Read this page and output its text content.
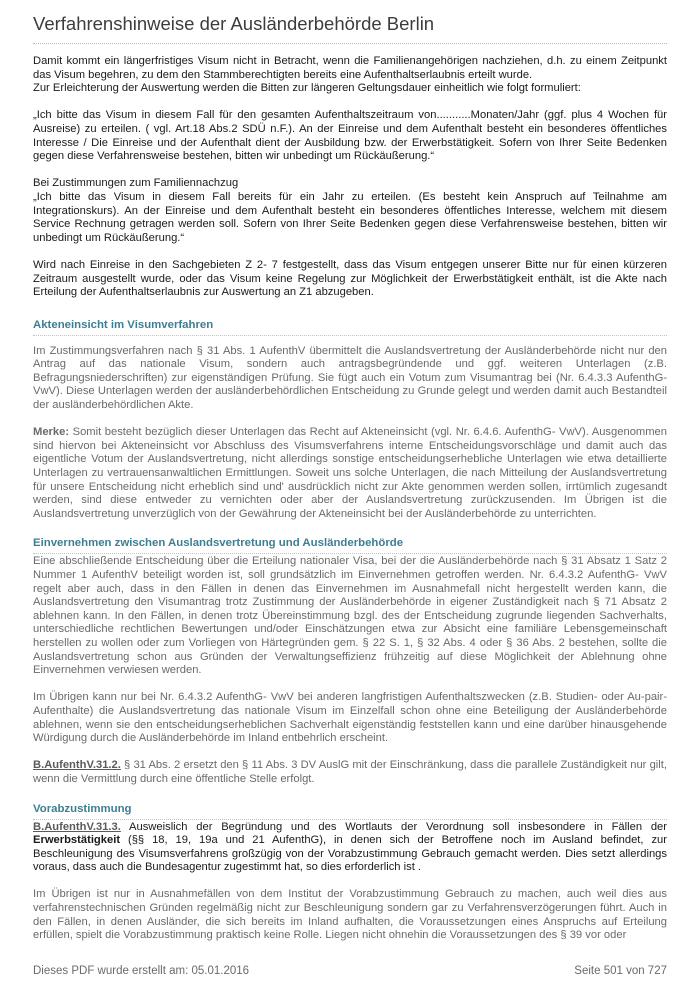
Verfahrenshinweise der Ausländerbehörde Berlin

Damit kommt ein längerfristiges Visum nicht in Betracht, wenn die Familienangehörigen nachziehen, d.h. zu einem Zeitpunkt das Visum begehren, zu dem den Stammberechtigten bereits eine Aufenthaltserlaubnis erteilt wurde.

Zur Erleichterung der Auswertung werden die Bitten zur längeren Geltungsdauer einheitlich wie folgt formuliert:

„Ich bitte das Visum in diesem Fall für den gesamten Aufenthaltszeitraum von...........Monaten/Jahr (ggf. plus 4 Wochen für Ausreise) zu erteilen. ( vgl. Art.18 Abs.2 SDÜ n.F.). An der Einreise und dem Aufenthalt besteht ein besonderes öffentliches Interesse / Die Einreise und der Aufenthalt dient der Ausbildung bzw. der Erwerbstätigkeit. Sofern von Ihrer Seite Bedenken gegen diese Verfahrensweise bestehen, bitten wir unbedingt um Rückäußerung.“

Bei Zustimmungen zum Familiennachzug

„Ich bitte das Visum in diesem Fall bereits für ein Jahr zu erteilen. (Es besteht kein Anspruch auf Teilnahme am Integrationskurs). An der Einreise und dem Aufenthalt besteht ein besonderes öffentliches Interesse, welchem mit diesem Service Rechnung getragen werden soll. Sofern von Ihrer Seite Bedenken gegen diese Verfahrensweise bestehen, bitten wir unbedingt um Rückäußerung.“

Wird nach Einreise in den Sachgebieten Z 2- 7 festgestellt, dass das Visum entgegen unserer Bitte nur für einen kürzeren Zeitraum ausgestellt wurde, oder das Visum keine Regelung zur Möglichkeit der Erwerbstätigkeit enthält, ist die Akte nach Erteilung der Aufenthaltserlaubnis zur Auswertung an Z1 abzugeben.

Akteneinsicht im Visumverfahren

Im Zustimmungsverfahren nach § 31 Abs. 1 AufenthV übermittelt die Auslandsvertretung der Ausländerbehörde nicht nur den Antrag auf das nationale Visum, sondern auch antragsbegründende und ggf. weiteren Unterlagen (z.B. Befragungsniederschriften) zur eigenständigen Prüfung. Sie fügt auch ein Votum zum Visumantrag bei (Nr. 6.4.3.3 AufenthG- VwV). Diese Unterlagen werden der ausländerbehördlichen Entscheidung zu Grunde gelegt und werden damit auch Bestandteil der ausländerbehördlichen Akte.

Merke: Somit besteht bezüglich dieser Unterlagen das Recht auf Akteneinsicht (vgl. Nr. 6.4.6. AufenthG- VwV). Ausgenommen sind hiervon bei Akteneinsicht vor Abschluss des Visumsverfahrens interne Entscheidungsvorschläge und damit auch das eigentliche Votum der Auslandsvertretung, nicht allerdings sonstige entscheidungserhebliche Unterlagen wie etwa detaillierte Unterlagen zu vertrauensanwaltlichen Ermittlungen. Soweit uns solche Unterlagen, die nach Mitteilung der Auslandsvertretung für unsere Entscheidung nicht erheblich sind und' ausdrücklich nicht zur Akte genommen werden sollen, irrtümlich zugesandt werden, sind diese entweder zu vernichten oder aber der Auslandsvertretung zurückzusenden. Im Übrigen ist die Auslandsvertretung unverzüglich von der Gewährung der Akteneinsicht bei der Ausländerbehörde zu unterrichten.

Einvernehmen zwischen Auslandsvertretung und Ausländerbehörde

Eine abschließende Entscheidung über die Erteilung nationaler Visa, bei der die Ausländerbehörde nach § 31 Absatz 1 Satz 2 Nummer 1 AufenthV beteiligt worden ist, soll grundsätzlich im Einvernehmen getroffen werden. Nr. 6.4.3.2 AufenthG- VwV regelt aber auch, dass in den Fällen in denen das Einvernehmen im Ausnahmefall nicht hergestellt werden kann, die Auslandsvertretung den Visumantrag trotz Zustimmung der Ausländerbehörde in eigener Zuständigkeit nach § 71 Absatz 2 ablehnen kann. In den Fällen, in denen trotz Übereinstimmung bzgl. des der Entscheidung zugrunde liegenden Sachverhalts, unterschiedliche rechtlichen Bewertungen und/oder Einschätzungen etwa zur Absicht eine familiäre Lebensgemeinschaft herstellen zu wollen oder zum Vorliegen von Härtegründen gem. § 22 S. 1, § 32 Abs. 4 oder § 36 Abs. 2 bestehen, sollte die Auslandsvertretung schon aus Gründen der Verwaltungseffizienz frühzeitig auf diese Möglichkeit der Ablehnung ohne Einvernehmen verwiesen werden.

Im Übrigen kann nur bei Nr. 6.4.3.2 AufenthG- VwV bei anderen langfristigen Aufenthaltszwecken (z.B. Studien- oder Au-pair-Aufenthalte) die Auslandsvertretung das nationale Visum im Einzelfall schon ohne eine Beteiligung der Ausländerbehörde ablehnen, wenn sie den entscheidungserheblichen Sachverhalt eigenständig feststellen kann und eine darüber hinausgehende Würdigung durch die Ausländerbehörde im Inland entbehrlich erscheint.

B.AufenthV.31.2. § 31 Abs. 2 ersetzt den § 11 Abs. 3 DV AuslG mit der Einschränkung, dass die parallele Zuständigkeit nur gilt, wenn die Vermittlung durch eine öffentliche Stelle erfolgt.

Vorabzustimmung

B.AufenthV.31.3. Ausweislich der Begründung und des Wortlauts der Verordnung soll insbesondere in Fällen der Erwerbstätigkeit (§§ 18, 19, 19a und 21 AufenthG), in denen sich der Betroffene noch im Ausland befindet, zur Beschleunigung des Visumsverfahrens großzügig von der Vorabzustimmung Gebrauch gemacht werden. Dies setzt allerdings voraus, dass auch die Bundesagentur zugestimmt hat, so dies erforderlich ist .

Im Übrigen ist nur in Ausnahmefällen von dem Institut der Vorabzustimmung Gebrauch zu machen, auch weil dies aus verfahrenstechnischen Gründen regelmäßig nicht zur Beschleunigung sondern gar zu Verfahrensverzögerungen führt. Auch in den Fällen, in denen Ausländer, die sich bereits im Inland aufhalten, die Voraussetzungen eines Anspruchs auf Erteilung erfüllen, spielt die Vorabzustimmung praktisch keine Rolle. Liegen nicht ohnehin die Voraussetzungen des § 39 vor oder

Dieses PDF wurde erstellt am: 05.01.2016	Seite 501 von 727
